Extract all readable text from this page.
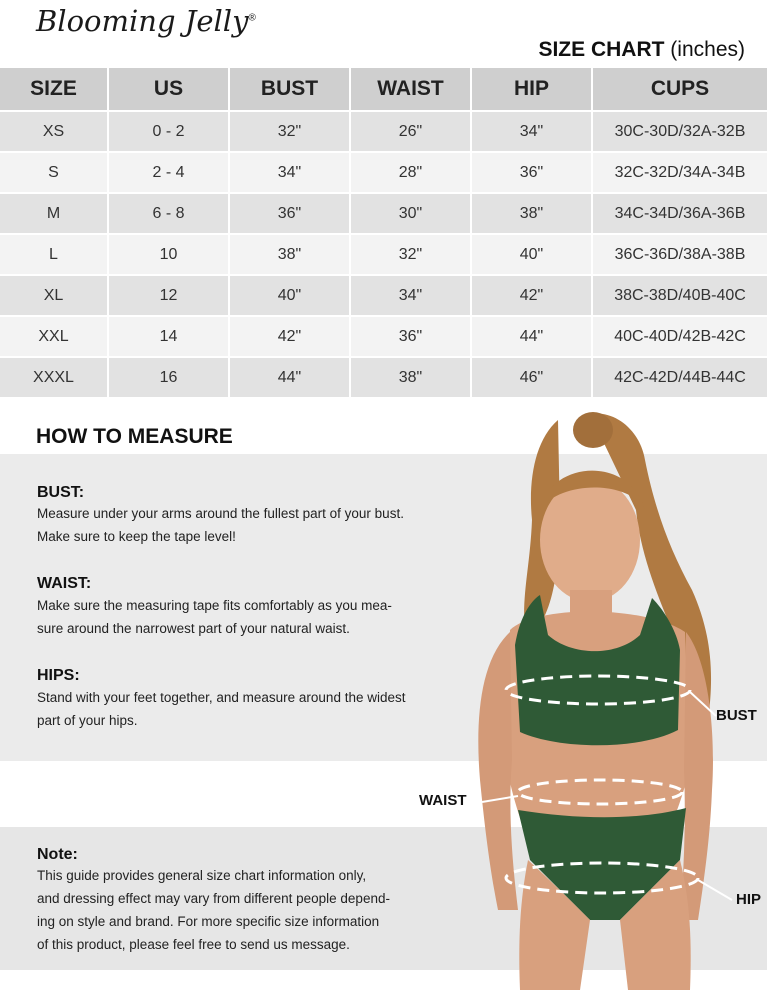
Blooming Jelly®
SIZE CHART (inches)
SIZE	US	BUST	WAIST	HIP	CUPS
XS	0 - 2	32"	26"	34"	30C-30D/32A-32B
S	2 - 4	34"	28"	36"	32C-32D/34A-34B
M	6 - 8	36"	30"	38"	34C-34D/36A-36B
L	10	38"	32"	40"	36C-36D/38A-38B
XL	12	40"	34"	42"	38C-38D/40B-40C
XXL	14	42"	36"	44"	40C-40D/42B-42C
XXXL	16	44"	38"	46"	42C-42D/44B-44C
HOW TO MEASURE
BUST:
Measure under your arms around the fullest part of your bust.
Make sure to keep the tape level!
WAIST:
Make sure the measuring tape fits comfortably as you mea-
sure around the narrowest part of your natural waist.
HIPS:
Stand with your feet together, and measure around the widest
part of your hips.
Note:
This guide provides general size chart information only,
and dressing effect may vary from different people depend-
ing on style and brand. For more specific size information
of this product, please feel free to send us message.
BUST
WAIST
HIP
